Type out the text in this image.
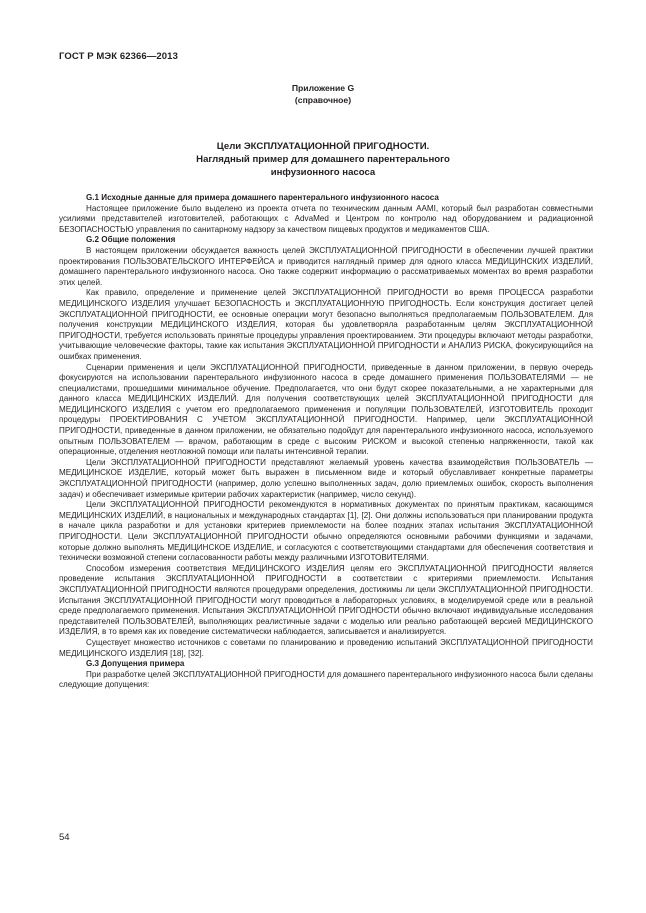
ГОСТ Р МЭК 62366—2013
Приложение G
(справочное)
Цели ЭКСПЛУАТАЦИОННОЙ ПРИГОДНОСТИ.
Наглядный пример для домашнего парентерального
инфузионного насоса
G.1 Исходные данные для примера домашнего парентерального инфузионного насоса

Настоящее приложение было выделено из проекта отчета по техническим данным AAMI, который был разработан совместными усилиями представителей изготовителей, работающих с AdvaMed и Центром по контролю над оборудованием и радиационной БЕЗОПАСНОСТЬЮ управления по санитарному надзору за качеством пищевых продуктов и медикаментов США.

G.2 Общие положения

В настоящем приложении обсуждается важность целей ЭКСПЛУАТАЦИОННОЙ ПРИГОДНОСТИ в обеспечении лучшей практики проектирования ПОЛЬЗОВАТЕЛЬСКОГО ИНТЕРФЕЙСА и приводится наглядный пример для одного класса МЕДИЦИНСКИХ ИЗДЕЛИЙ, домашнего парентерального инфузионного насоса. Оно также содержит информацию о рассматриваемых моментах во время разработки этих целей.

Как правило, определение и применение целей ЭКСПЛУАТАЦИОННОЙ ПРИГОДНОСТИ во время ПРОЦЕССА разработки МЕДИЦИНСКОГО ИЗДЕЛИЯ улучшает БЕЗОПАСНОСТЬ и ЭКСПЛУАТАЦИОННУЮ ПРИГОДНОСТЬ. Если конструкция достигает целей ЭКСПЛУАТАЦИОННОЙ ПРИГОДНОСТИ, ее основные операции могут безопасно выполняться предполагаемым ПОЛЬЗОВАТЕЛЕМ. Для получения конструкции МЕДИЦИНСКОГО ИЗДЕЛИЯ, которая бы удовлетворяла разработанным целям ЭКСПЛУАТАЦИОННОЙ ПРИГОДНОСТИ, требуется использовать принятые процедуры управления проектированием. Эти процедуры включают методы разработки, учитывающие человеческие факторы, такие как испытания ЭКСПЛУАТАЦИОННОЙ ПРИГОДНОСТИ и АНАЛИЗ РИСКА, фокусирующийся на ошибках применения.

Сценарии применения и цели ЭКСПЛУАТАЦИОННОЙ ПРИГОДНОСТИ, приведенные в данном приложении, в первую очередь фокусируются на использовании парентерального инфузионного насоса в среде домашнего применения ПОЛЬЗОВАТЕЛЯМИ — не специалистами, прошедшими минимальное обучение. Предполагается, что они будут скорее показательными, а не характерными для данного класса МЕДИЦИНСКИХ ИЗДЕЛИЙ. Для получения соответствующих целей ЭКСПЛУАТАЦИОННОЙ ПРИГОДНОСТИ для МЕДИЦИНСКОГО ИЗДЕЛИЯ с учетом его предполагаемого применения и популяции ПОЛЬЗОВАТЕЛЕЙ, ИЗГОТОВИТЕЛЬ проходит процедуры ПРОЕКТИРОВАНИЯ С УЧЕТОМ ЭКСПЛУАТАЦИОННОЙ ПРИГОДНОСТИ. Например, цели ЭКСПЛУАТАЦИОННОЙ ПРИГОДНОСТИ, приведенные в данном приложении, не обязательно подойдут для парентерального инфузионного насоса, используемого опытным ПОЛЬЗОВАТЕЛЕМ — врачом, работающим в среде с высоким РИСКОМ и высокой степенью напряженности, такой как операционные, отделения неотложной помощи или палаты интенсивной терапии.

Цели ЭКСПЛУАТАЦИОННОЙ ПРИГОДНОСТИ представляют желаемый уровень качества взаимодействия ПОЛЬЗОВАТЕЛЬ — МЕДИЦИНСКОЕ ИЗДЕЛИЕ, который может быть выражен в письменном виде и который обуславливает конкретные параметры ЭКСПЛУАТАЦИОННОЙ ПРИГОДНОСТИ (например, долю успешно выполненных задач, долю приемлемых ошибок, скорость выполнения задач) и обеспечивает измеримые критерии рабочих характеристик (например, число секунд).

Цели ЭКСПЛУАТАЦИОННОЙ ПРИГОДНОСТИ рекомендуются в нормативных документах по принятым практикам, касающимся МЕДИЦИНСКИХ ИЗДЕЛИЙ, в национальных и международных стандартах [1], [2]. Они должны использоваться при планировании продукта в начале цикла разработки и для установки критериев приемлемости на более поздних этапах испытания ЭКСПЛУАТАЦИОННОЙ ПРИГОДНОСТИ. Цели ЭКСПЛУАТАЦИОННОЙ ПРИГОДНОСТИ обычно определяются основными рабочими функциями и задачами, которые должно выполнять МЕДИЦИНСКОЕ ИЗДЕЛИЕ, и согласуются с соответствующими стандартами для обеспечения соответствия и технически возможной степени согласованности работы между различными ИЗГОТОВИТЕЛЯМИ.

Способом измерения соответствия МЕДИЦИНСКОГО ИЗДЕЛИЯ целям его ЭКСПЛУАТАЦИОННОЙ ПРИГОДНОСТИ является проведение испытания ЭКСПЛУАТАЦИОННОЙ ПРИГОДНОСТИ в соответствии с критериями приемлемости. Испытания ЭКСПЛУАТАЦИОННОЙ ПРИГОДНОСТИ являются процедурами определения, достижимы ли цели ЭКСПЛУАТАЦИОННОЙ ПРИГОДНОСТИ. Испытания ЭКСПЛУАТАЦИОННОЙ ПРИГОДНОСТИ могут проводиться в лабораторных условиях, в моделируемой среде или в реальной среде предполагаемого применения. Испытания ЭКСПЛУАТАЦИОННОЙ ПРИГОДНОСТИ обычно включают индивидуальные исследования представителей ПОЛЬЗОВАТЕЛЕЙ, выполняющих реалистичные задачи с моделью или реально работающей версией МЕДИЦИНСКОГО ИЗДЕЛИЯ, в то время как их поведение систематически наблюдается, записывается и анализируется.

Существует множество источников с советами по планированию и проведению испытаний ЭКСПЛУАТАЦИОННОЙ ПРИГОДНОСТИ МЕДИЦИНСКОГО ИЗДЕЛИЯ [18], [32].

G.3 Допущения примера

При разработке целей ЭКСПЛУАТАЦИОННОЙ ПРИГОДНОСТИ для домашнего парентерального инфузионного насоса были сделаны следующие допущения:

54
